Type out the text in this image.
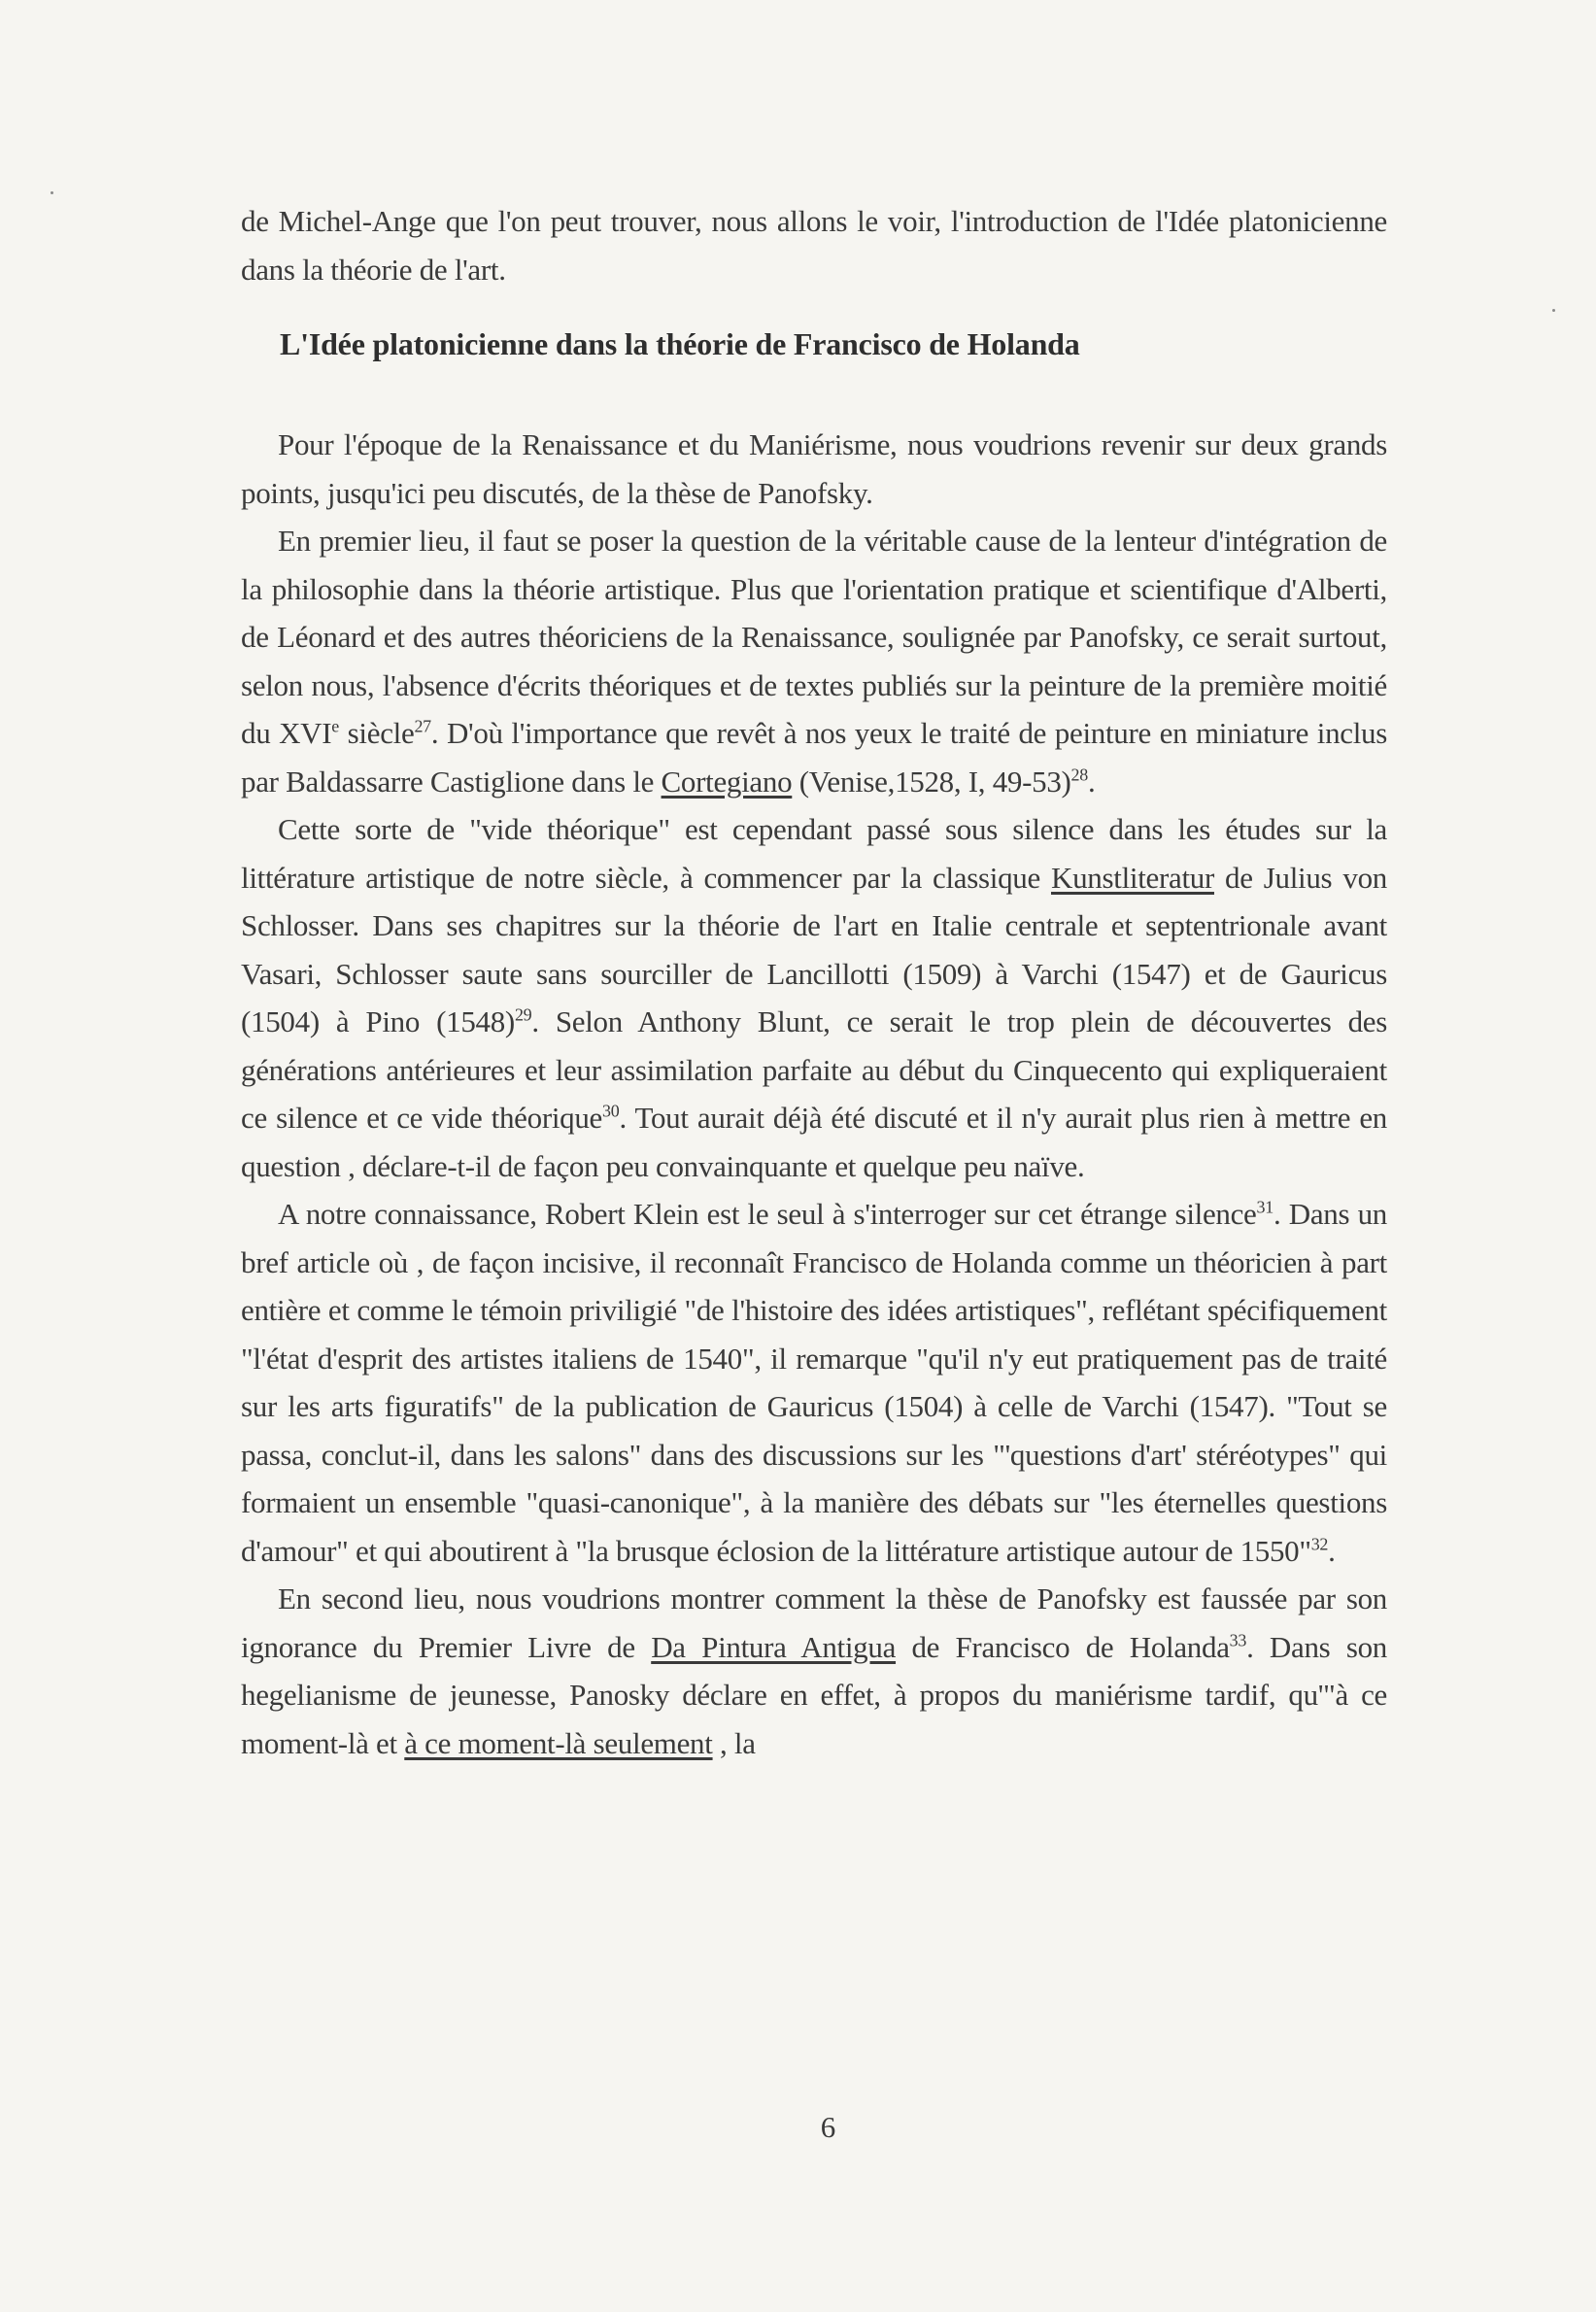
de Michel-Ange que l'on peut trouver, nous allons le voir, l'introduction de l'Idée platonicienne dans la théorie de l'art.
L'Idée platonicienne dans la théorie de Francisco de Holanda

Pour l'époque de la Renaissance et du Maniérisme, nous voudrions revenir sur deux grands points, jusqu'ici peu discutés, de la thèse de Panofsky.

En premier lieu, il faut se poser la question de la véritable cause de la lenteur d'intégration de la philosophie dans la théorie artistique. Plus que l'orientation pratique et scientifique d'Alberti, de Léonard et des autres théoriciens de la Renaissance, soulignée par Panofsky, ce serait surtout, selon nous, l'absence d'écrits théoriques et de textes publiés sur la peinture de la première moitié du XVIe siècle$^{27}$. D'où l'importance que revêt à nos yeux le traité de peinture en miniature inclus par Baldassarre Castiglione dans le Cortegiano (Venise,1528, I, 49-53)$^{28}$.

Cette sorte de "vide théorique" est cependant passé sous silence dans les études sur la littérature artistique de notre siècle, à commencer par la classique Kunstliteratur de Julius von Schlosser. Dans ses chapitres sur la théorie de l'art en Italie centrale et septentrionale avant Vasari, Schlosser saute sans sourciller de Lancillotti (1509) à Varchi (1547) et de Gauricus (1504) à Pino $(1548)^{29}$. Selon Anthony Blunt, ce serait le trop plein de découvertes des générations antérieures et leur assimilation parfaite au début du Cinquecento qui expliqueraient ce silence et ce vide théorique$^{30}$. Tout aurait déjà été discuté et il n'y aurait plus rien à mettre en question , déclare-t-il de façon peu convainquante et quelque peu naïve.

A notre connaissance, Robert Klein est le seul à s'interroger sur cet étrange silence$^{31}$. Dans un bref article où , de façon incisive, il reconnaît Francisco de Holanda comme un théoricien à part entière et comme le témoin priviligié "de l'histoire des idées artistiques", reflétant spécifiquement "l'état d'esprit des artistes italiens de 1540", il remarque "qu'il n'y eut pratiquement pas de traité sur les arts figuratifs" de la publication de Gauricus (1504) à celle de Varchi (1547). "Tout se passa, conclut-il, dans les salons" dans des discussions sur les "'questions d'art' stéréotypes" qui formaient un ensemble "quasi-canonique", à la manière des débats sur "les éternelles questions d'amour" et qui aboutirent à "la brusque éclosion de la littérature artistique autour de 1550"$^{32}$.

En second lieu, nous voudrions montrer comment la thèse de Panofsky est faussée par son ignorance du Premier Livre de Da Pintura Antigua de Francisco de Holanda$^{33}$. Dans son hegelianisme de jeunesse, Panosky déclare en effet, à propos du maniérisme tardif, qu'"à ce moment-là et à ce moment-là seulement , la

6
